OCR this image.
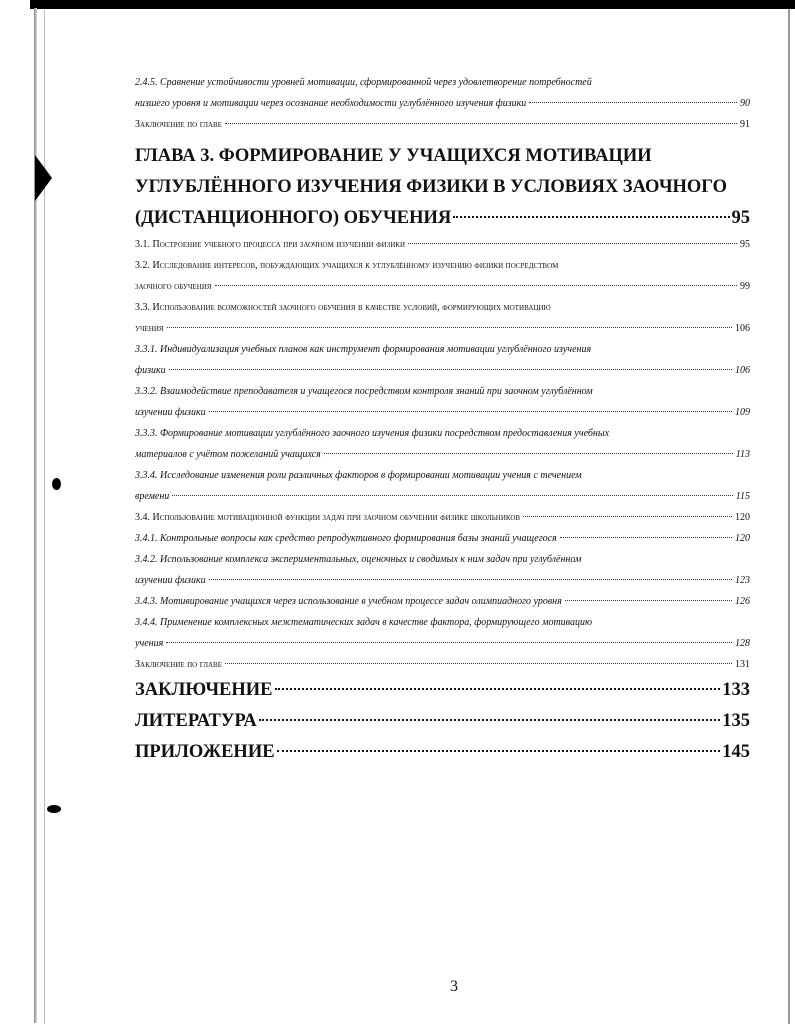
2.4.5. Сравнение устойчивости уровней мотивации, сформированной через удовлетворение потребностей
низшего уровня и мотивации через осознание необходимости углублённого изучения физики	90
Заключение по главе	91
ГЛАВА 3. ФОРМИРОВАНИЕ У УЧАЩИХСЯ МОТИВАЦИИ
УГЛУБЛЁННОГО ИЗУЧЕНИЯ ФИЗИКИ В УСЛОВИЯХ ЗАОЧНОГО
(ДИСТАНЦИОННОГО) ОБУЧЕНИЯ	95
3.1. Построение учебного процесса при заочном изучении физики	95
3.2. Исследование интересов, побуждающих учащихся к углублённому изучению физики посредством
заочного обучения	99
3.3. Использование возможностей заочного обучения в качестве условий, формирующих мотивацию
учения	106
3.3.1. Индивидуализация учебных планов как инструмент формирования мотивации углублённого изучения
физики	106
3.3.2. Взаимодействие преподавателя и учащегося посредством контроля знаний при заочном углублённом
изучении физики	109
3.3.3. Формирование мотивации углублённого заочного изучения физики посредством предоставления учебных
материалов с учётом пожеланий учащихся	113
3.3.4. Исследование изменения роли различных факторов в формировании мотивации учения с течением
времени	115
3.4. Использование мотивационной функции задач при заочном обучении физике школьников	120
3.4.1. Контрольные вопросы как средство репродуктивного формирования базы знаний учащегося	120
3.4.2. Использование комплекса экспериментальных, оценочных и сводимых к ним задач при углублённом
изучении физики	123
3.4.3. Мотивирование учащихся через использование в учебном процессе задач олимпиадного уровня	126
3.4.4. Применение комплексных межтематических задач в качестве фактора, формирующего мотивацию
учения	128
Заключение по главе	131
ЗАКЛЮЧЕНИЕ	133
ЛИТЕРАТУРА	135
ПРИЛОЖЕНИЕ	145
3
